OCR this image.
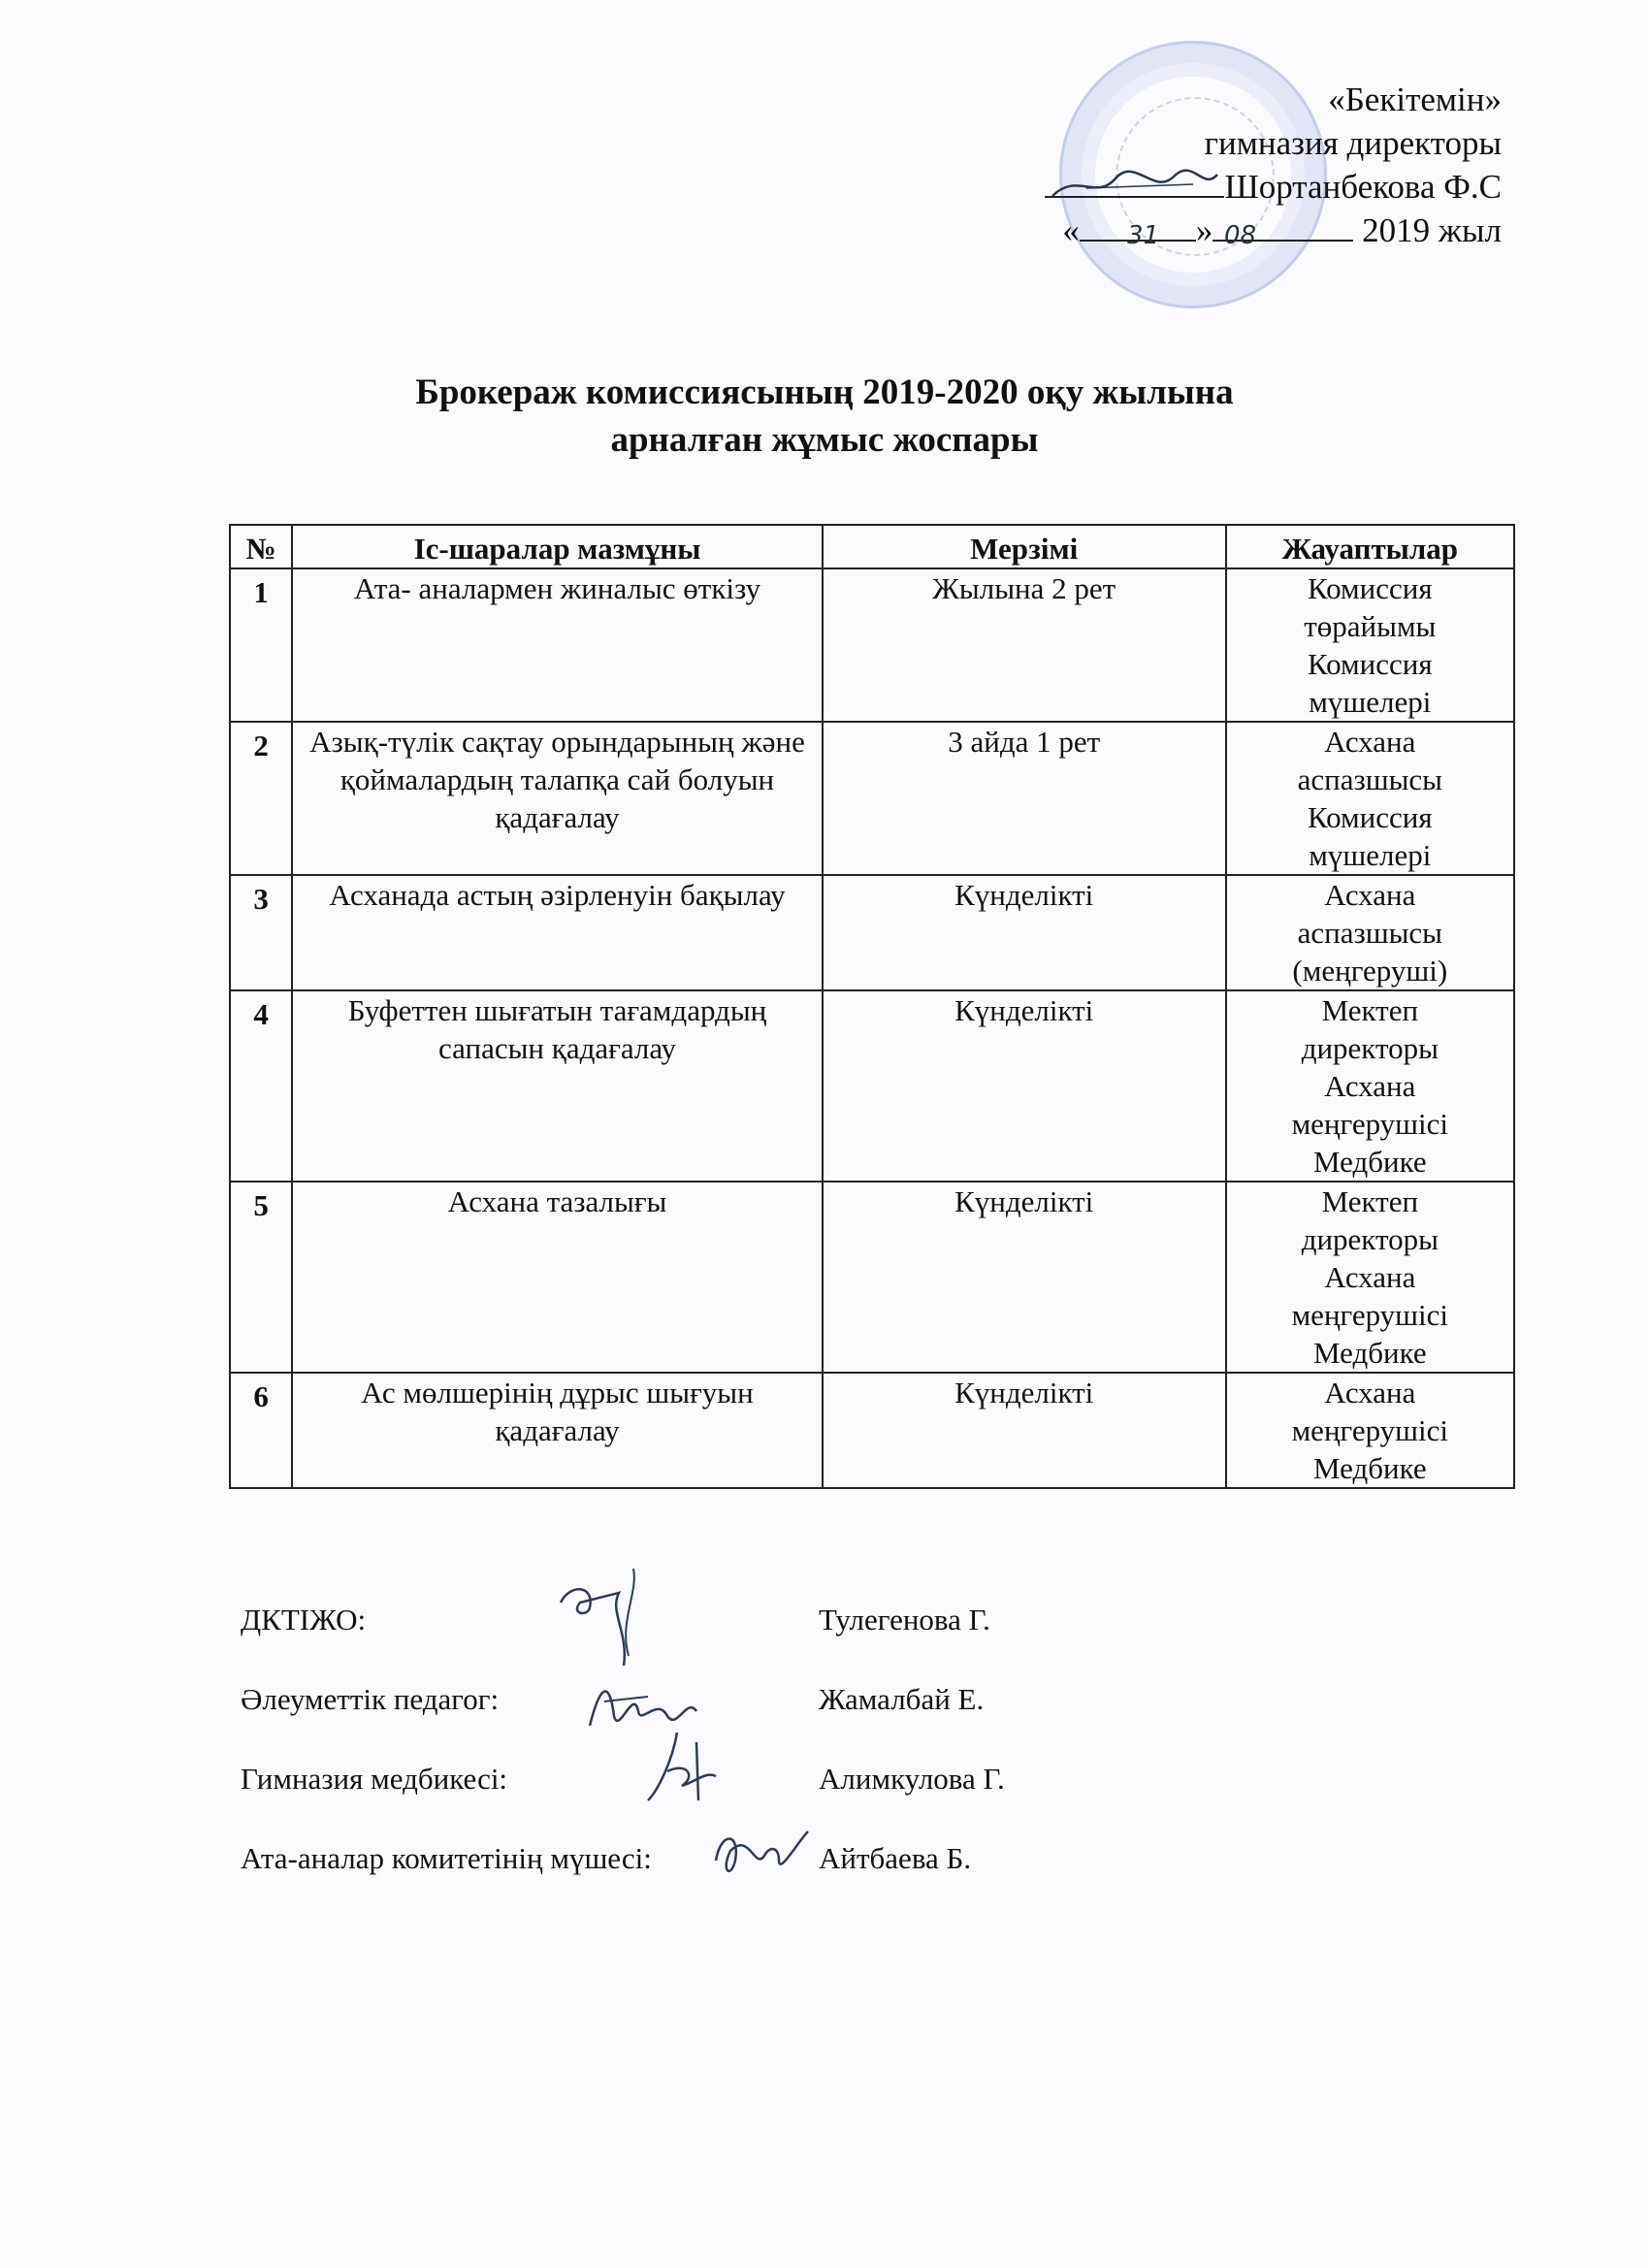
«Бекітемін»
гимназия директоры
Шортанбекова Ф.С
«	»	2019 жыл
31	08
Брокераж комиссиясының 2019-2020 оқу жылына
арналған жұмыс жоспары
№	Іс-шаралар мазмұны	Мерзімі	Жауаптылар
1	Ата- аналармен жиналыс өткізу	Жылына 2 рет	Комиссия
төрайымы
Комиссия
мүшелері

2	Азық-түлік сақтау орындарының және қоймалардың талапқа сай болуын қадағалау	3 айда 1 рет	Асхана
аспазшысы
Комиссия
мүшелері

3	Асханада астың әзірленуін бақылау	Күнделікті	Асхана
аспазшысы
(меңгеруші)

4	Буфеттен шығатын тағамдардың сапасын қадағалау	Күнделікті	Мектеп
директоры
Асхана
меңгерушісі
Медбике

5	Асхана тазалығы	Күнделікті	Мектеп
директоры
Асхана
меңгерушісі
Медбике

6	Ас мөлшерінің дұрыс шығуын қадағалау	Күнделікті	Асхана
меңгерушісі
Медбике
ДКТІЖО:	Тулегенова Г.
Әлеуметтік педагог:	Жамалбай Е.
Гимназия медбикесі:	Алимкулова Г.
Ата-аналар комитетінің мүшесі:	Айтбаева Б.
